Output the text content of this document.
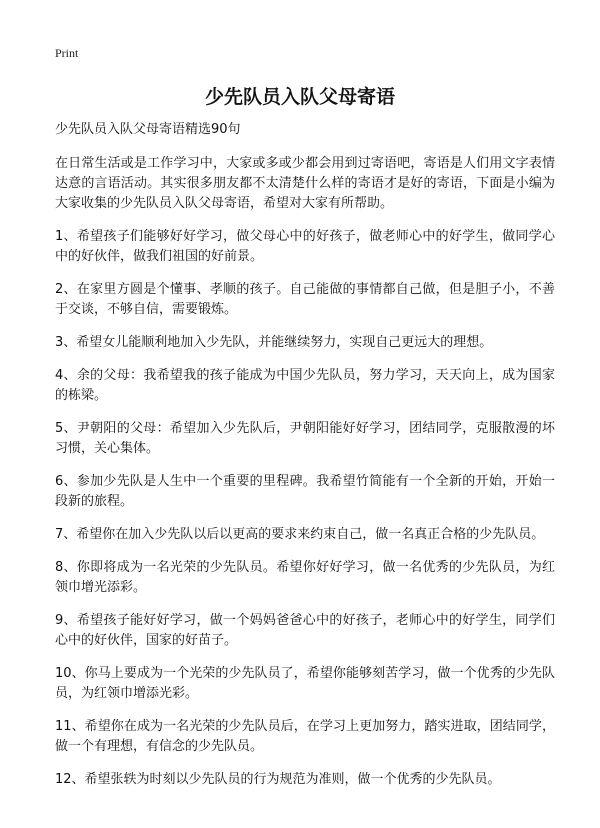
Print
少先队员入队父母寄语

少先队员入队父母寄语精选90句

在日常生活或是工作学习中，大家或多或少都会用到过寄语吧，寄语是人们用文字表情达意的言语活动。其实很多朋友都不太清楚什么样的寄语才是好的寄语，下面是小编为大家收集的少先队员入队父母寄语，希望对大家有所帮助。

1、希望孩子们能够好好学习，做父母心中的好孩子，做老师心中的好学生，做同学心中的好伙伴，做我们祖国的好前景。

2、在家里方圆是个懂事、孝顺的孩子。自己能做的事情都自己做，但是胆子小，不善于交谈，不够自信，需要锻炼。

3、希望女儿能顺利地加入少先队，并能继续努力，实现自己更远大的理想。

4、余的父母：我希望我的孩子能成为中国少先队员，努力学习，天天向上，成为国家的栋梁。

5、尹朝阳的父母：希望加入少先队后，尹朝阳能好好学习，团结同学，克服散漫的坏习惯，关心集体。

6、参加少先队是人生中一个重要的里程碑。我希望竹简能有一个全新的开始，开始一段新的旅程。

7、希望你在加入少先队以后以更高的要求来约束自己，做一名真正合格的少先队员。

8、你即将成为一名光荣的少先队员。希望你好好学习，做一名优秀的少先队员，为红领巾增光添彩。

9、希望孩子能好好学习，做一个妈妈爸爸心中的好孩子，老师心中的好学生，同学们心中的好伙伴，国家的好苗子。

10、你马上要成为一个光荣的少先队员了，希望你能够刻苦学习，做一个优秀的少先队员，为红领巾增添光彩。

11、希望你在成为一名光荣的少先队员后，在学习上更加努力，踏实进取，团结同学，做一个有理想，有信念的少先队员。

12、希望张轶为时刻以少先队员的行为规范为准则，做一个优秀的少先队员。
